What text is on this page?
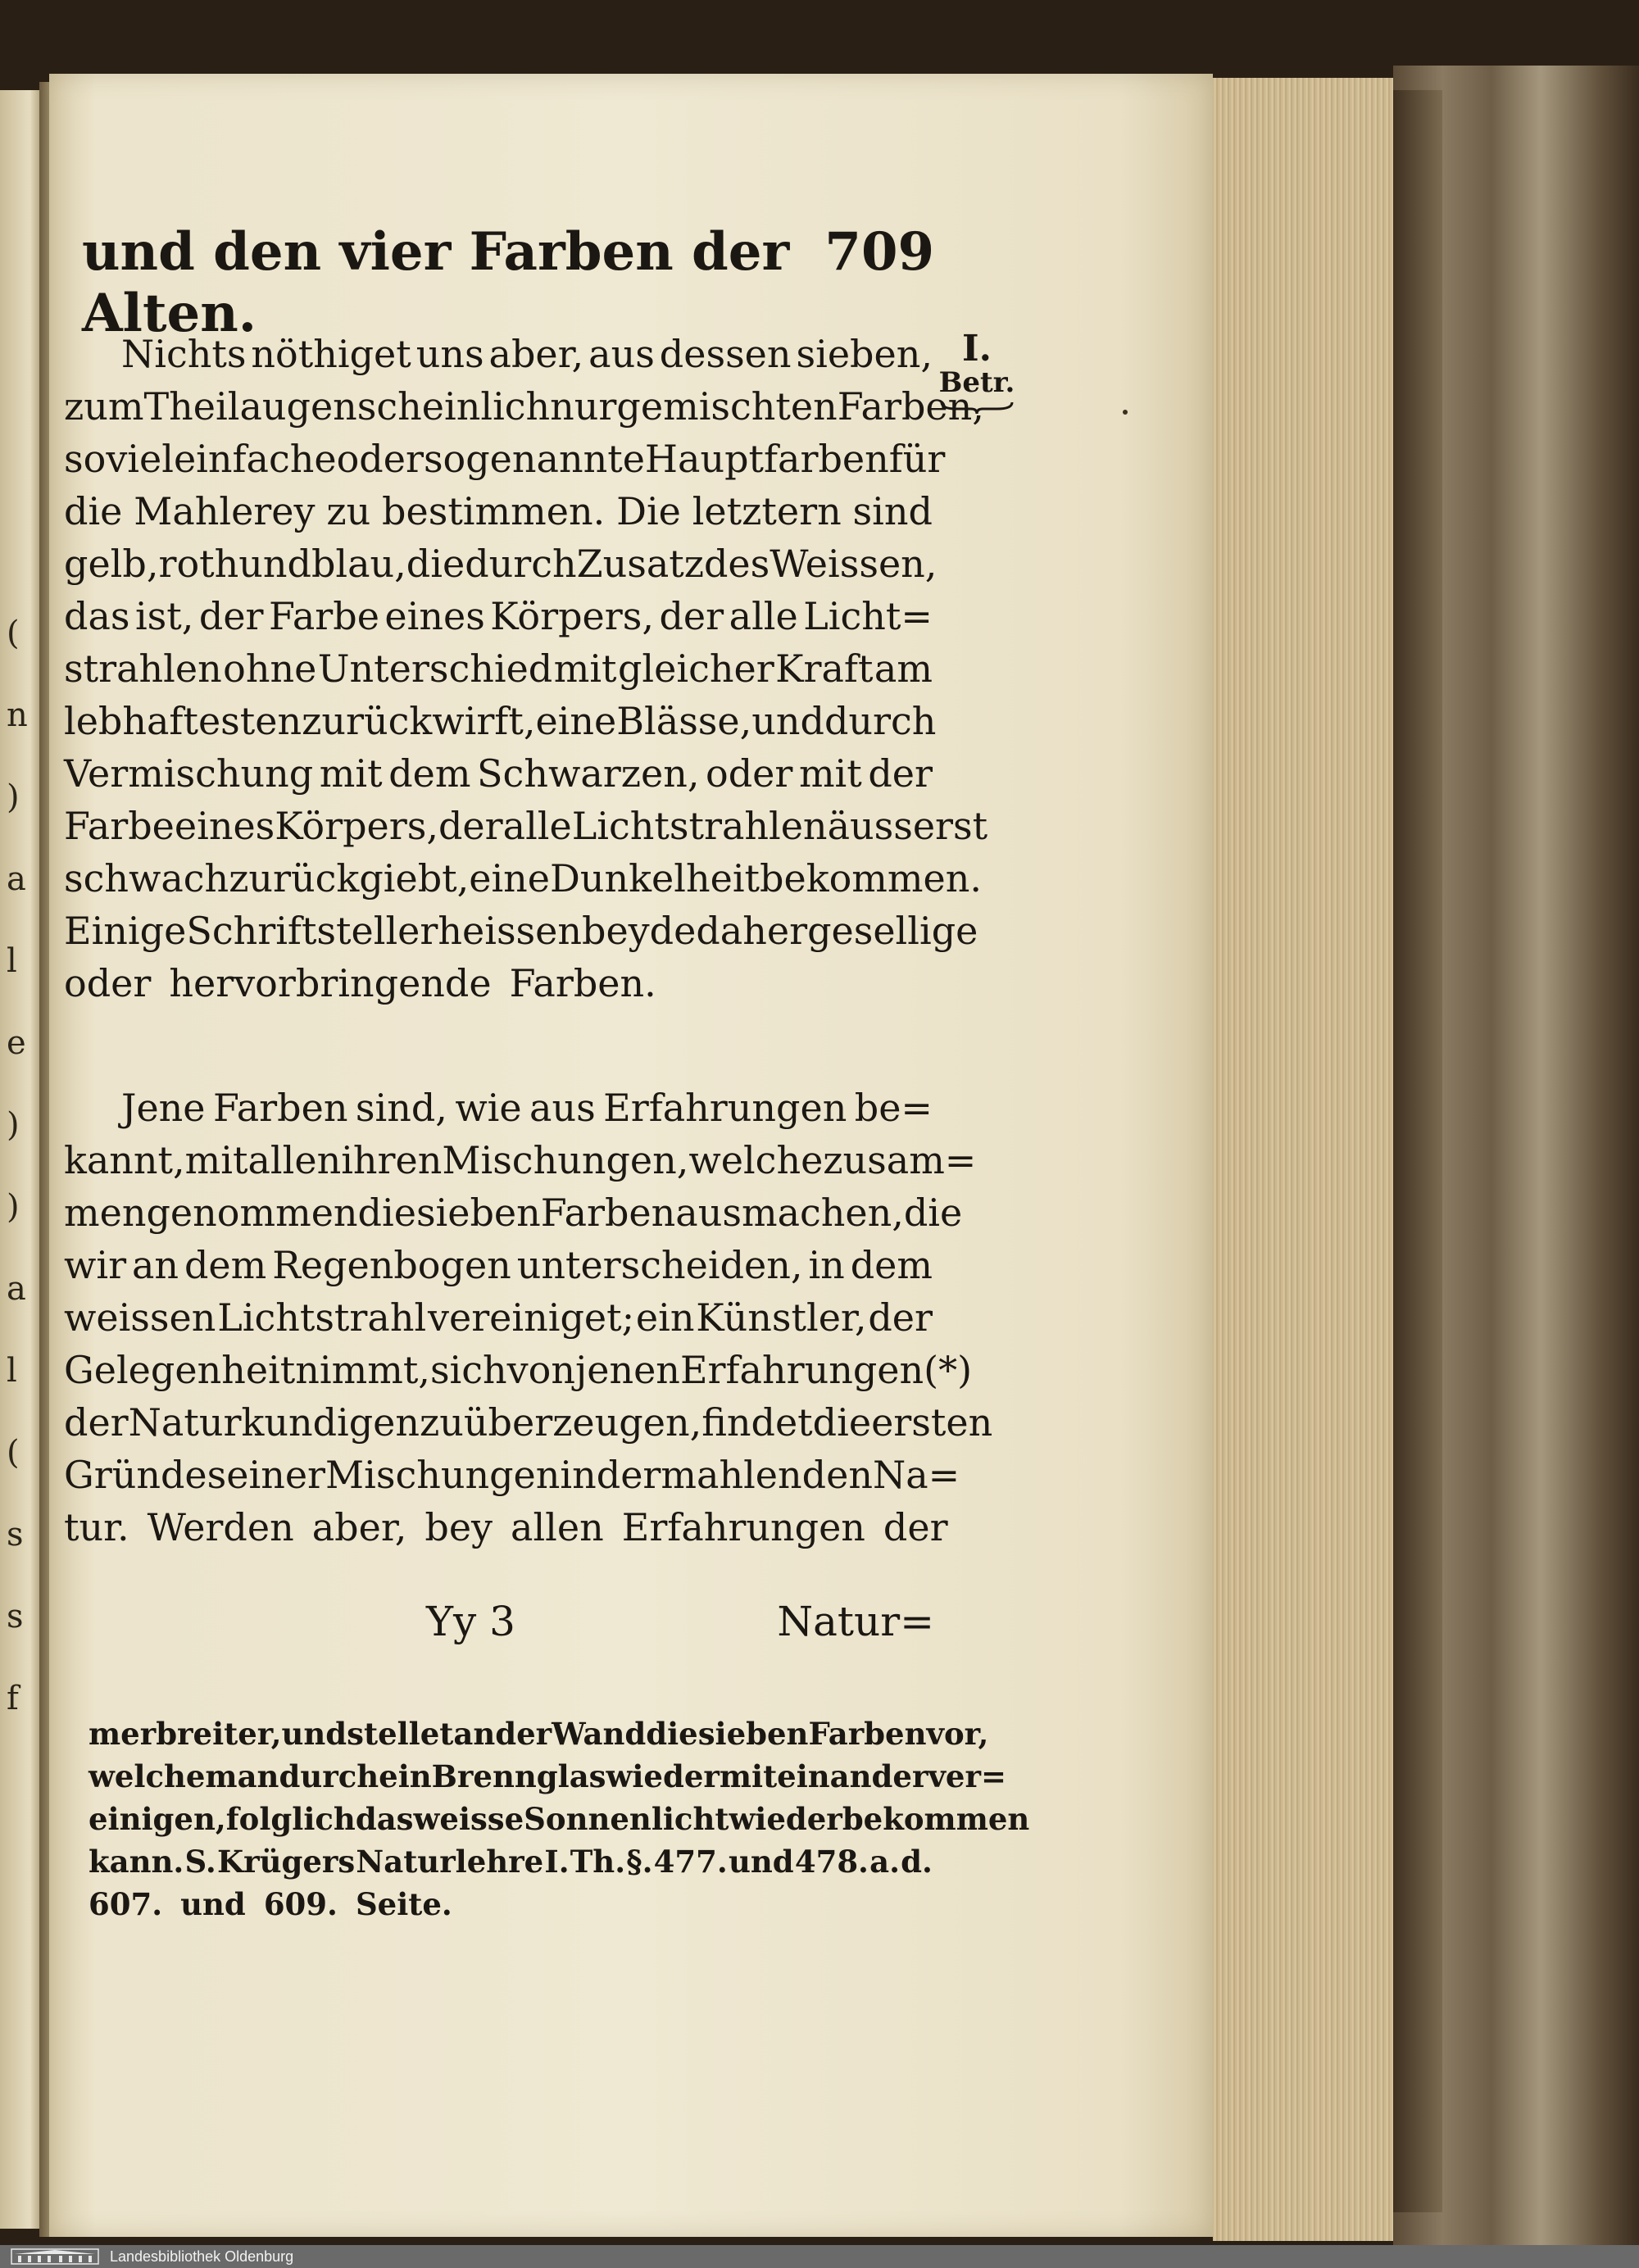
(
n
)
a
l
e
)
)
a
l
(
s
s
f
und den vier Farben der Alten.
709
I.
Betr.
Nichts nöthiget uns aber, aus dessen sieben,
zum Theil augenscheinlich nur gemischten Farben,
so viel einfache oder sogenannte Hauptfarben für
die Mahlerey zu bestimmen. Die letztern sind
gelb, roth und blau, die durch Zusatz des Weissen,
das ist, der Farbe eines Körpers, der alle Licht=
strahlen ohne Unterschied mit gleicher Kraft am
lebhaftesten zurück wirft, eine Blässe, und durch
Vermischung mit dem Schwarzen, oder mit der
Farbe eines Körpers, der alle Lichtstrahlen äusserst
schwach zurück giebt, eine Dunkelheit bekommen.
Einige Schriftsteller heissen beyde daher gesellige
oder hervorbringende Farben.
Jene Farben sind, wie aus Erfahrungen be=
kannt, mit allen ihren Mischungen, welche zusam=
men genommen die sieben Farben ausmachen, die
wir an dem Regenbogen unterscheiden, in dem
weissen Lichtstrahl vereiniget; ein Künstler, der
Gelegenheit nimmt, sich von jenen Erfahrungen (*)
der Naturkundigen zu überzeugen, findet die ersten
Gründe seiner Mischungen in der mahlenden Na=
tur. Werden aber, bey allen Erfahrungen der
Yy 3	Natur=
mer breiter, und stellet an der Wand die sieben Farben vor,
welche man durch ein Brennglas wieder mit einander ver=
einigen, folglich das weisse Sonnenlicht wieder bekommen
kann. S. Krügers Naturlehre I. Th. §. 477. und 478. a. d.
607. und 609. Seite.
Landesbibliothek Oldenburg
